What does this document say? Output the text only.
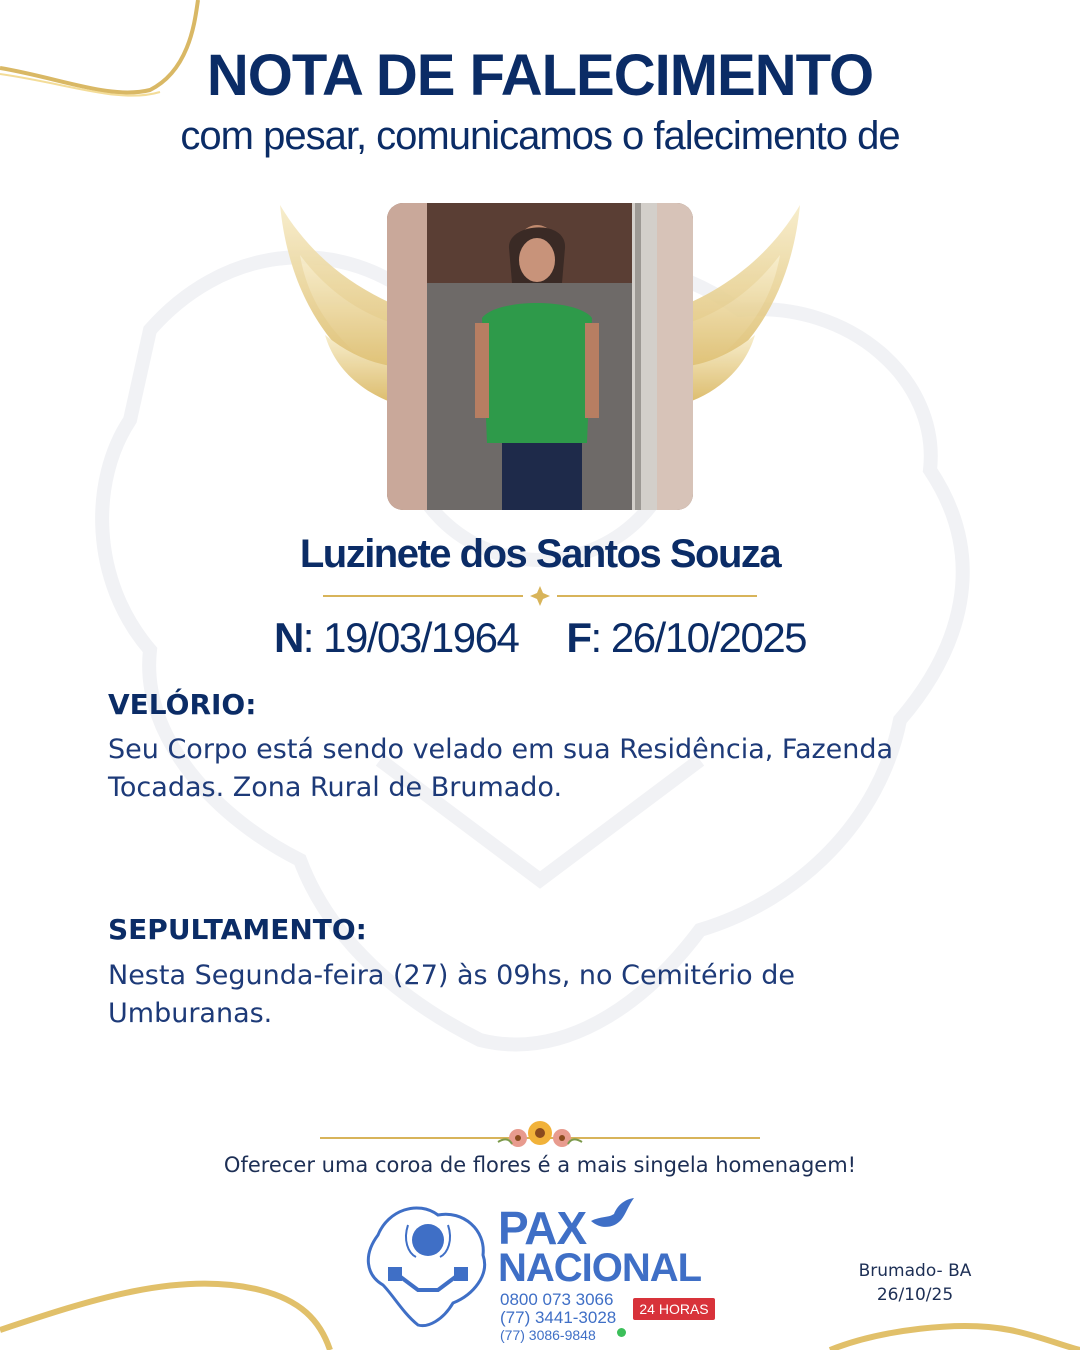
NOTA DE FALECIMENTO
com pesar, comunicamos o falecimento de
Luzinete dos Santos Souza
N: 19/03/1964 F: 26/10/2025
VELÓRIO:
Seu Corpo está sendo velado em sua Residência, Fazenda Tocadas. Zona Rural de Brumado.
SEPULTAMENTO:
Nesta Segunda-feira (27) às 09hs, no Cemitério de Umburanas.
Oferecer uma coroa de flores é a mais singela homenagem!
PAX
NACIONAL
0800 073 3066
(77) 3441-3028
(77) 3086-9848
24 HORAS
Brumado- BA
26/10/25
